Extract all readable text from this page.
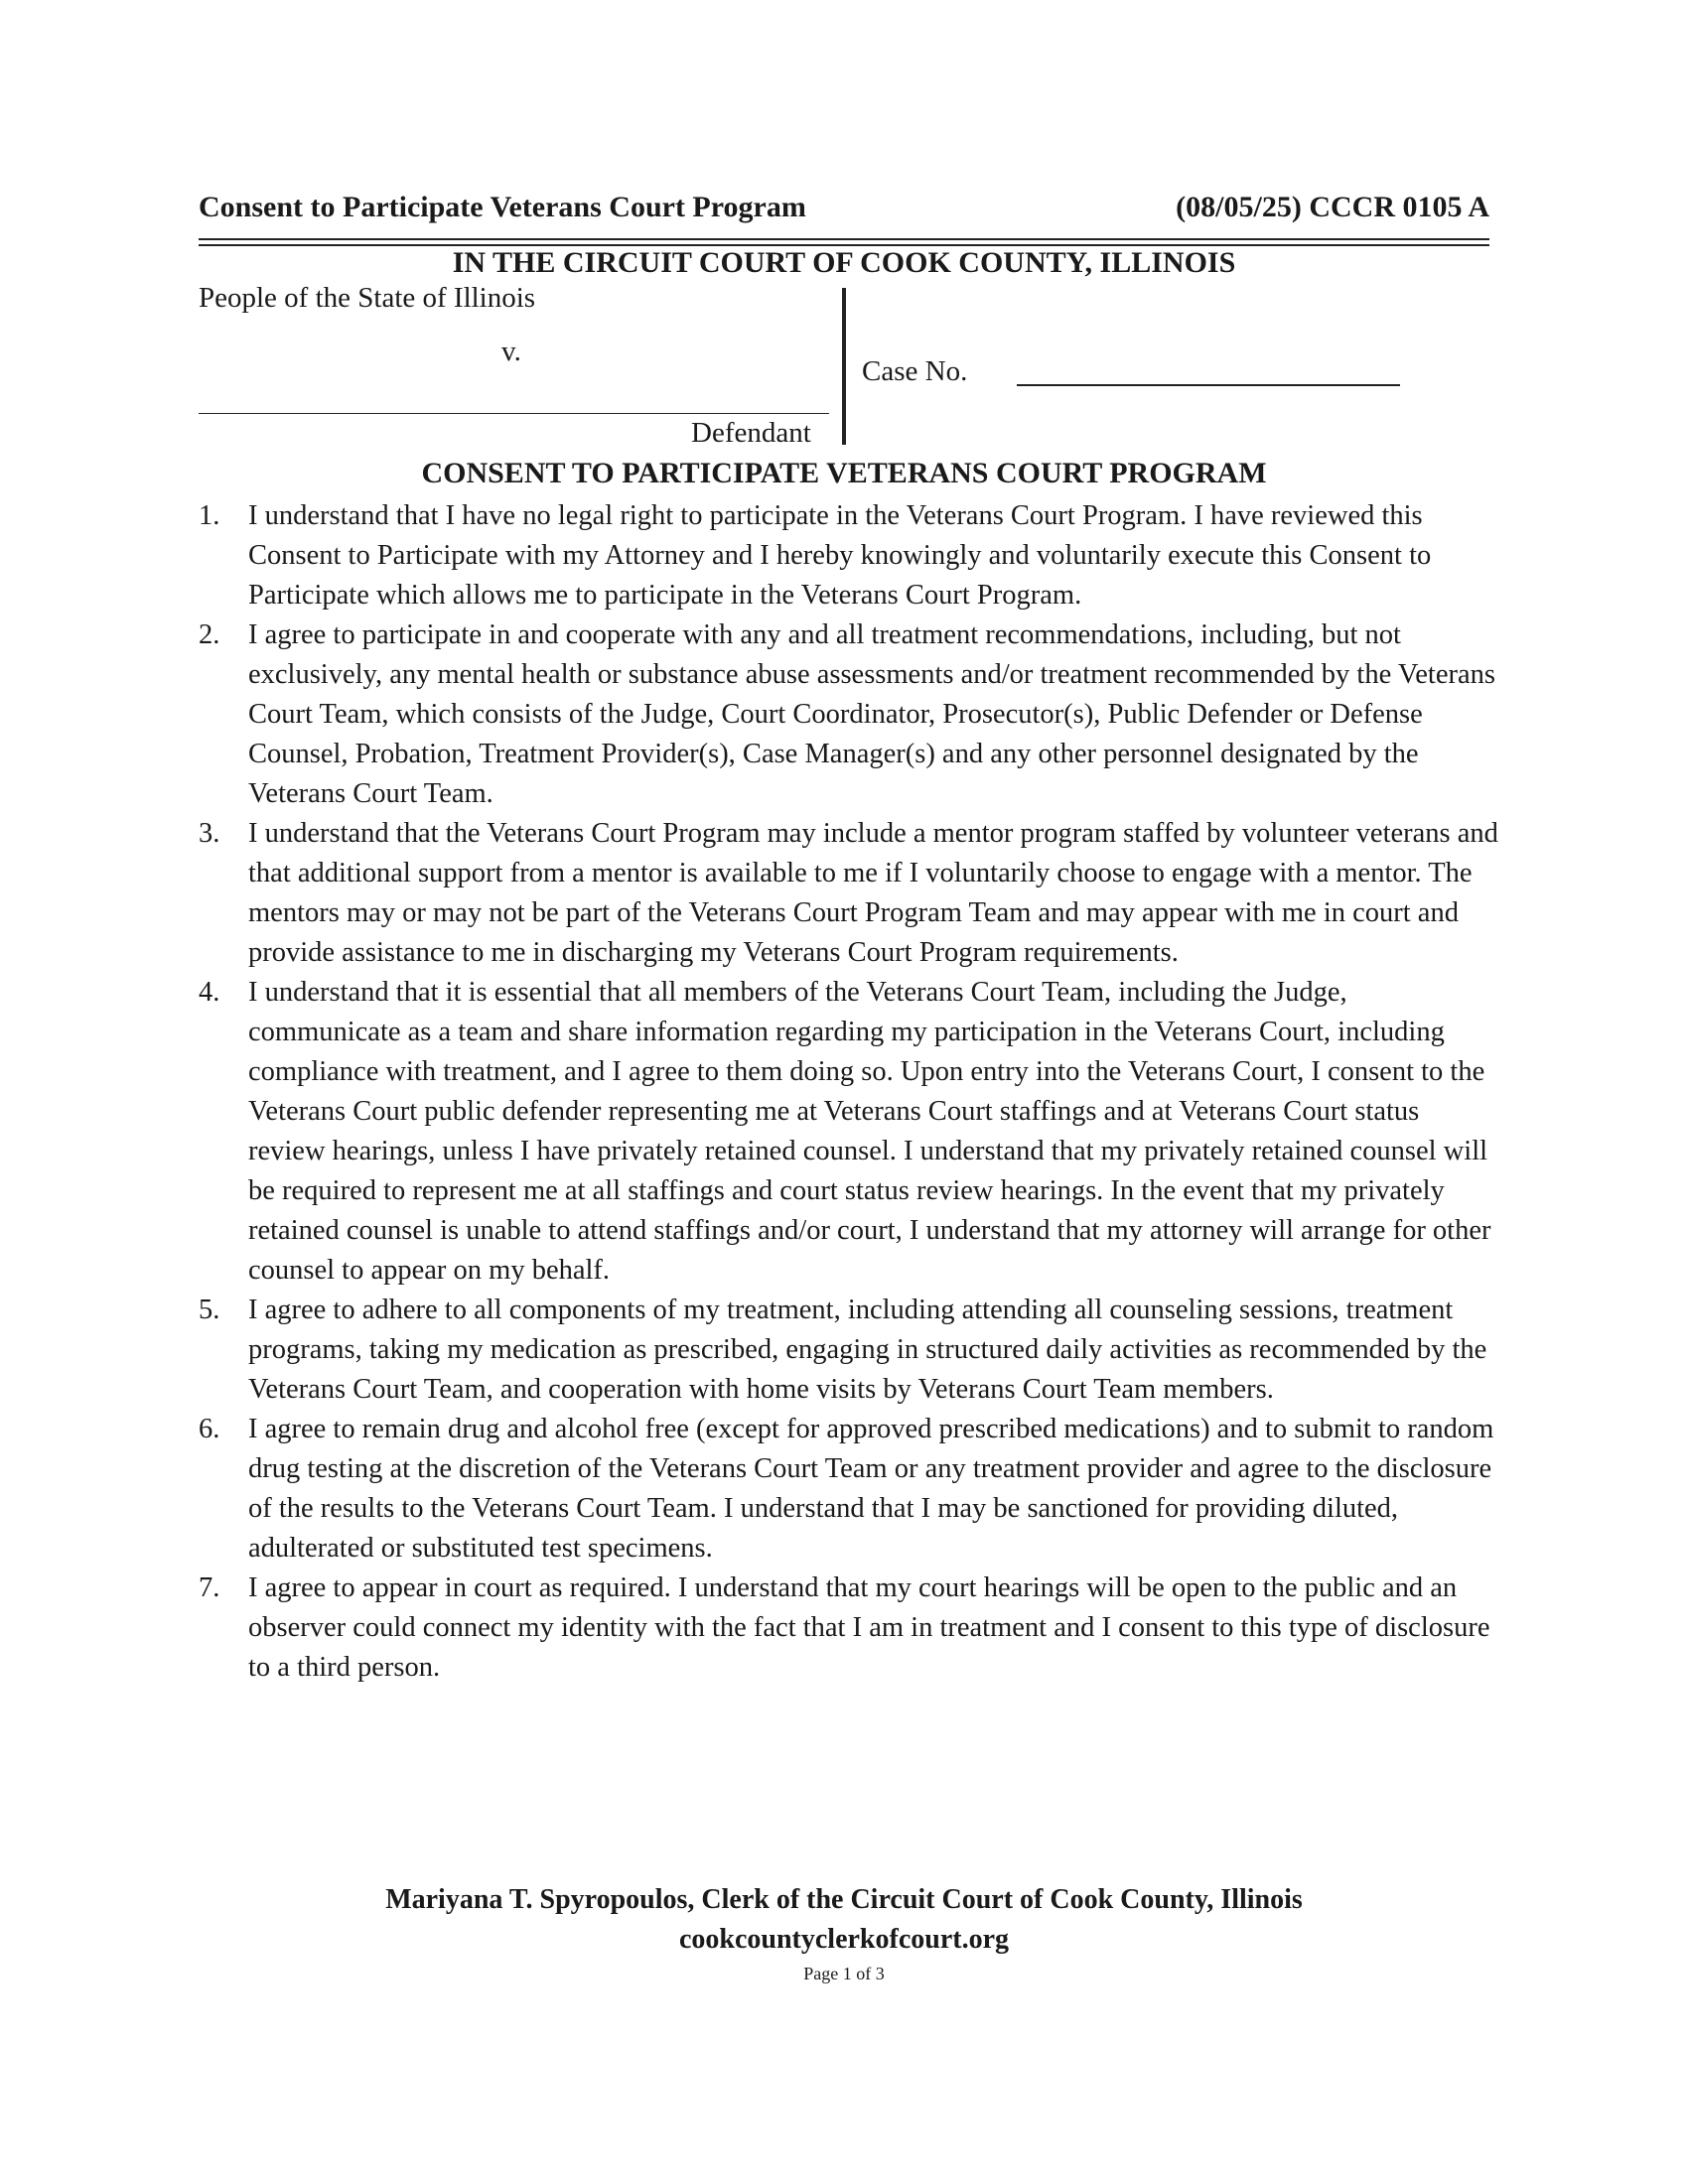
Consent to Participate Veterans Court Program	(08/05/25) CCCR 0105 A
IN THE CIRCUIT COURT OF COOK COUNTY, ILLINOIS
People of the State of Illinois
v.
Defendant
Case No.
CONSENT TO PARTICIPATE VETERANS COURT PROGRAM
1. I understand that I have no legal right to participate in the Veterans Court Program. I have reviewed this Consent to Participate with my Attorney and I hereby knowingly and voluntarily execute this Consent to Participate which allows me to participate in the Veterans Court Program.
2. I agree to participate in and cooperate with any and all treatment recommendations, including, but not exclusively, any mental health or substance abuse assessments and/or treatment recommended by the Veterans Court Team, which consists of the Judge, Court Coordinator, Prosecutor(s), Public Defender or Defense Counsel, Probation, Treatment Provider(s), Case Manager(s) and any other personnel designated by the Veterans Court Team.
3. I understand that the Veterans Court Program may include a mentor program staffed by volunteer veterans and that additional support from a mentor is available to me if I voluntarily choose to engage with a mentor. The mentors may or may not be part of the Veterans Court Program Team and may appear with me in court and provide assistance to me in discharging my Veterans Court Program requirements.
4. I understand that it is essential that all members of the Veterans Court Team, including the Judge, communicate as a team and share information regarding my participation in the Veterans Court, including compliance with treatment, and I agree to them doing so. Upon entry into the Veterans Court, I consent to the Veterans Court public defender representing me at Veterans Court staffings and at Veterans Court status review hearings, unless I have privately retained counsel. I understand that my privately retained counsel will be required to represent me at all staffings and court status review hearings. In the event that my privately retained counsel is unable to attend staffings and/or court, I understand that my attorney will arrange for other counsel to appear on my behalf.
5. I agree to adhere to all components of my treatment, including attending all counseling sessions, treatment programs, taking my medication as prescribed, engaging in structured daily activities as recommended by the Veterans Court Team, and cooperation with home visits by Veterans Court Team members.
6. I agree to remain drug and alcohol free (except for approved prescribed medications) and to submit to random drug testing at the discretion of the Veterans Court Team or any treatment provider and agree to the disclosure of the results to the Veterans Court Team. I understand that I may be sanctioned for providing diluted, adulterated or substituted test specimens.
7. I agree to appear in court as required. I understand that my court hearings will be open to the public and an observer could connect my identity with the fact that I am in treatment and I consent to this type of disclosure to a third person.
Mariyana T. Spyropoulos, Clerk of the Circuit Court of Cook County, Illinois
cookcountyclerkofcourt.org
Page 1 of 3
